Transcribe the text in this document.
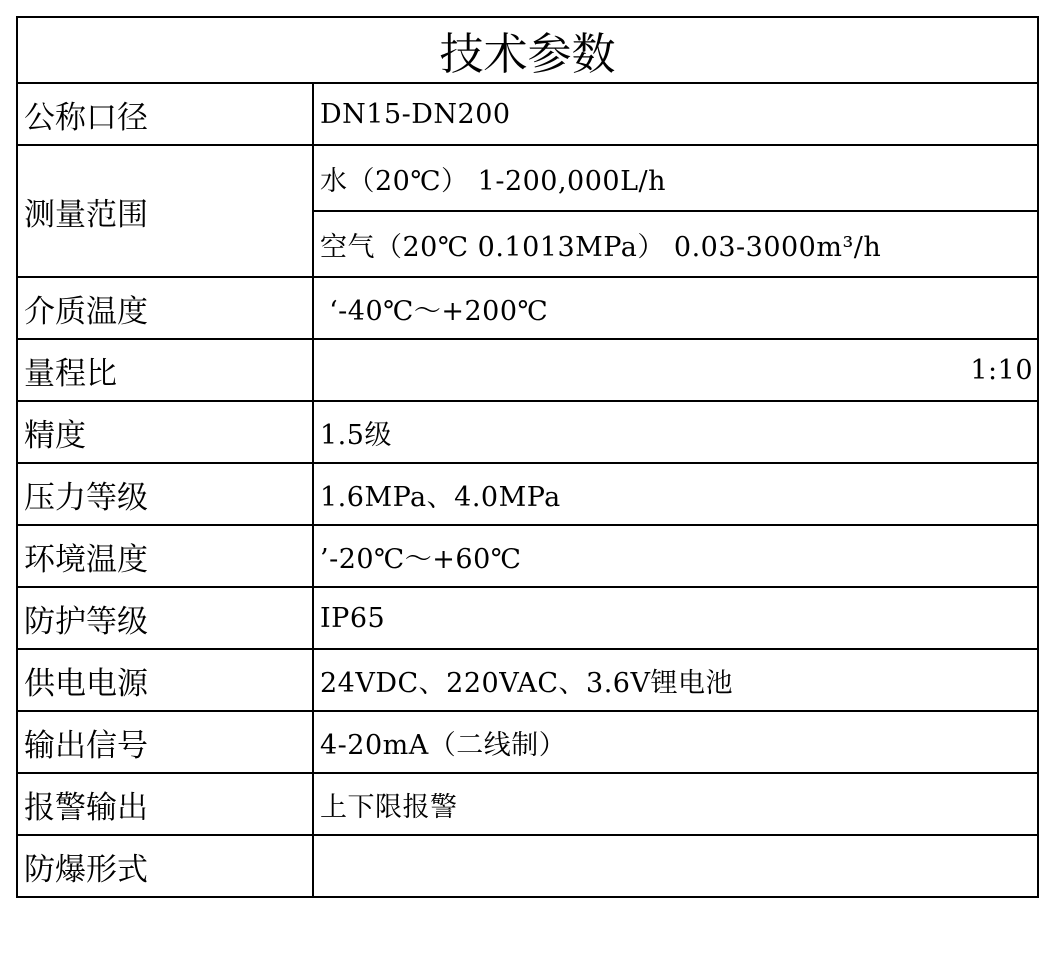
技术参数	
公称口径	DN15-DN200
测量范围	水（20℃） 1-200,000L/h
	空气（20℃ 0.1013MPa） 0.03-3000m³/h
介质温度	‘-40℃～+200℃
量程比	1:10
精度	1.5级
压力等级	1.6MPa、4.0MPa
环境温度	’-20℃～+60℃
防护等级	IP65
供电电源	24VDC、220VAC、3.6V锂电池
输出信号	4-20mA（二线制）
报警输出	上下限报警
防爆形式	
